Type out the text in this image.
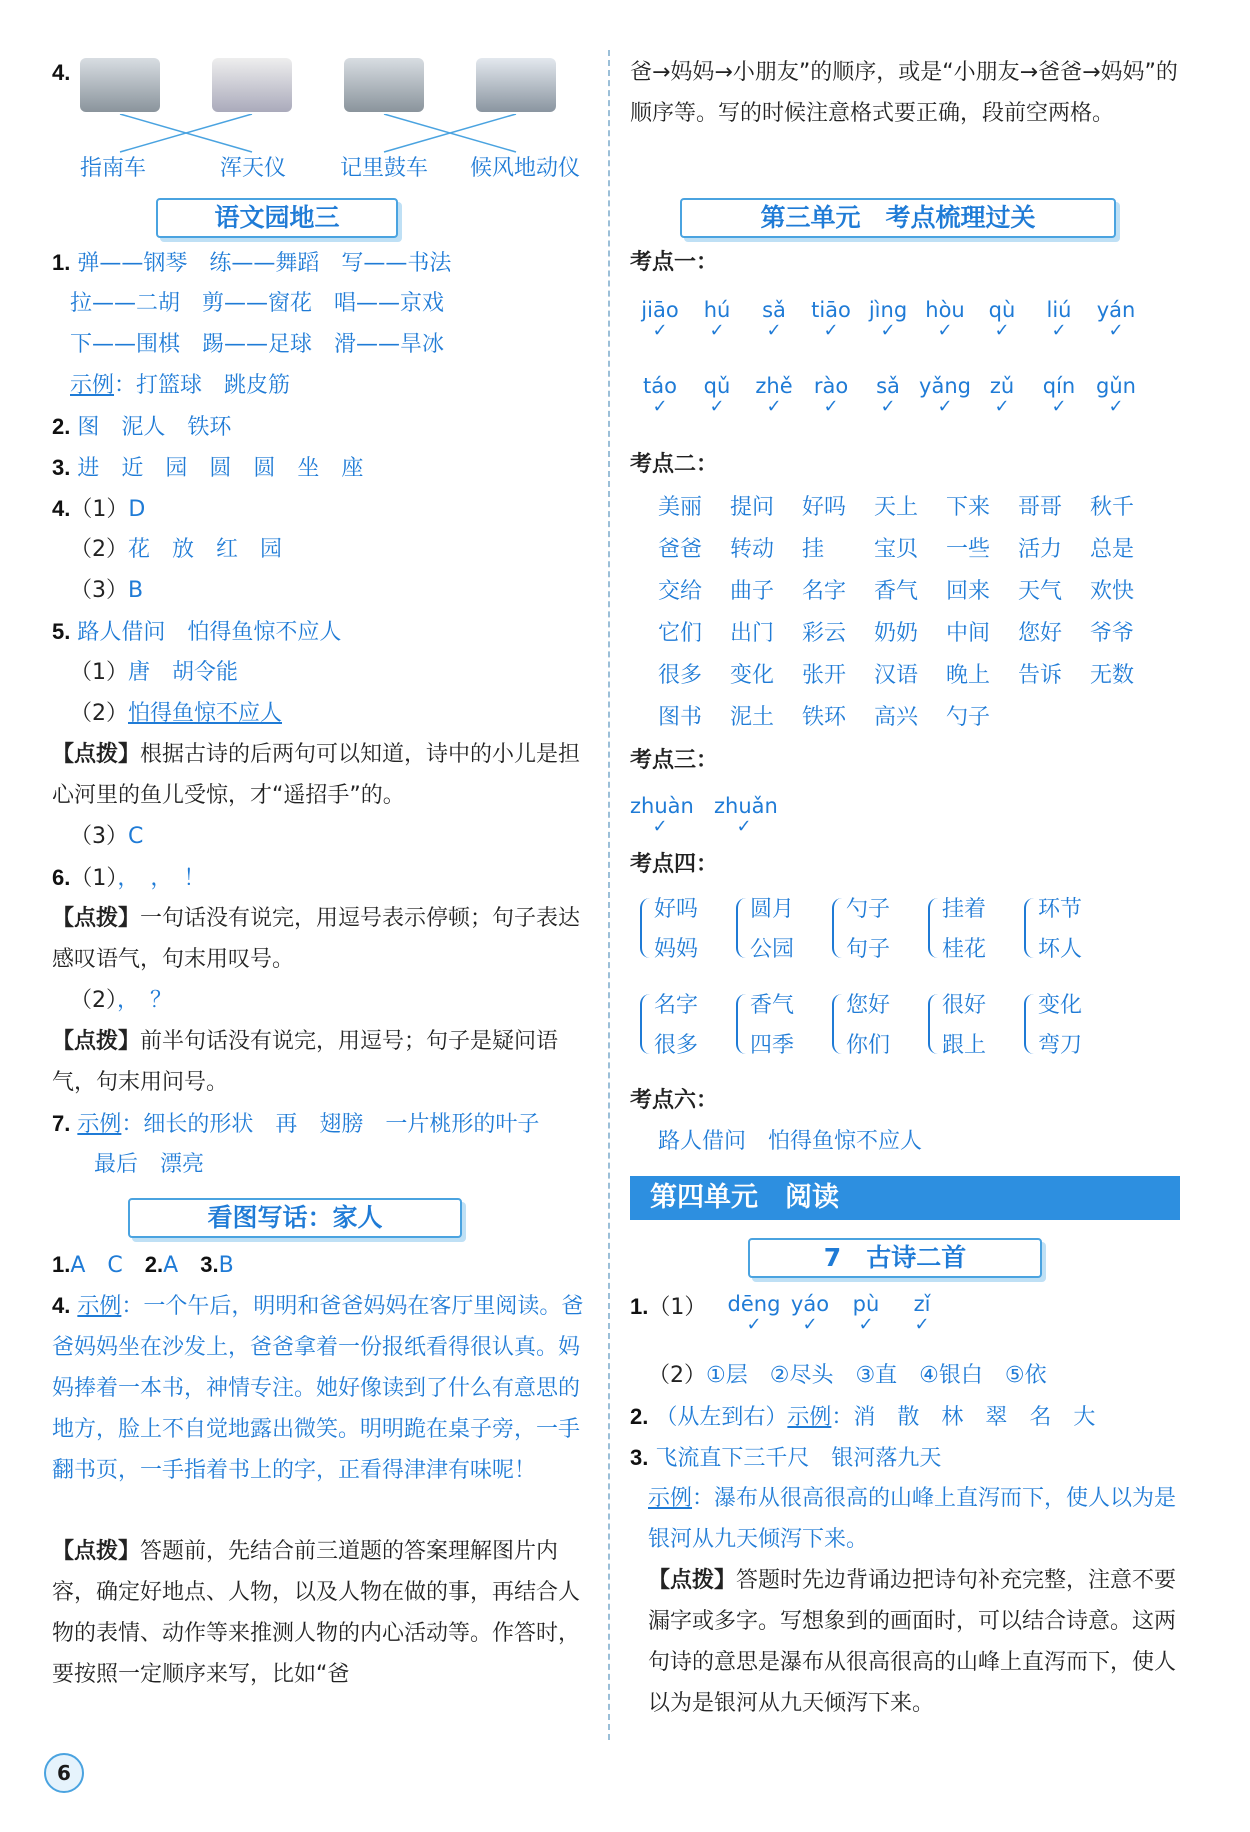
4.
指南车	浑天仪 记里鼓车 候风地动仪
语文园地三
1. 弹——钢琴　练——舞蹈　写——书法
拉——二胡　剪——窗花　唱——京戏
下——围棋　踢——足球　滑——旱冰
示例：打篮球　跳皮筋
2. 图　泥人　铁环
3. 进　近　园　圆　圆　坐　座
4.（1）D
（2）花　放　红　园
（3）B
5. 路人借问　怕得鱼惊不应人
（1）唐　胡令能
（2）怕得鱼惊不应人
【点拨】根据古诗的后两句可以知道，诗中的小儿是担心河里的鱼儿受惊，才“遥招手”的。
（3）C
6.（1），　，　！
【点拨】一句话没有说完，用逗号表示停顿；句子表达感叹语气，句末用叹号。
（2），　？
【点拨】前半句话没有说完，用逗号；句子是疑问语气，句末用问号。
7. 示例：细长的形状　再　翅膀　一片桃形的叶子
最后　漂亮
看图写话：家人
1.A　C　 2.A　 3.B
4. 示例：一个午后，明明和爸爸妈妈在客厅里阅读。爸爸妈妈坐在沙发上，爸爸拿着一份报纸看得很认真。妈妈捧着一本书，神情专注。她好像读到了什么有意思的地方，脸上不自觉地露出微笑。明明跪在桌子旁，一手翻书页，一手指着书上的字，正看得津津有味呢！
【点拨】答题前，先结合前三道题的答案理解图片内容，确定好地点、人物，以及人物在做的事，再结合人物的表情、动作等来推测人物的内心活动等。作答时，要按照一定顺序来写，比如“爸
爸→妈妈→小朋友”的顺序，或是“小朋友→爸爸→妈妈”的顺序等。写的时候注意格式要正确，段前空两格。
第三单元　考点梳理过关
考点一：
jiāo
✓
hú
✓
sǎ
✓
tiāo
✓
jìng
✓
hòu
✓
qù
✓
liú
✓
yán
✓
táo
✓
qǔ
✓
zhě
✓
rào
✓
sǎ
✓
yǎng
✓
zǔ
✓
qín
✓
gǔn
✓
考点二：
美丽 提问 好吗 天上 下来 哥哥 秋千
爸爸 转动 挂 宝贝 一些 活力 总是
交给 曲子 名字 香气 回来 天气 欢快
它们 出门 彩云 奶奶 中间 您好 爷爷
很多 变化 张开 汉语 晚上 告诉 无数
图书 泥土 铁环 高兴 勺子
考点三：
zhuàn
✓
zhuǎn
✓
考点四：
好吗
妈妈
圆月
公园
勺子
句子
挂着
桂花
环节
坏人
名字
很多
香气
四季
您好
你们
很好
跟上
变化
弯刀
考点六：
路人借问　怕得鱼惊不应人
第四单元　阅读
7　古诗二首
1.（1） dēng
✓
yáo
✓
pù
✓
zǐ
✓
（2）①层　②尽头　③直　④银白　⑤依
2. （从左到右）示例：消　散　林　翠　名　大
3. 飞流直下三千尺　银河落九天
示例：瀑布从很高很高的山峰上直泻而下，使人以为是银河从九天倾泻下来。
【点拨】答题时先边背诵边把诗句补充完整，注意不要漏字或多字。写想象到的画面时，可以结合诗意。这两句诗的意思是瀑布从很高很高的山峰上直泻而下，使人以为是银河从九天倾泻下来。
6
